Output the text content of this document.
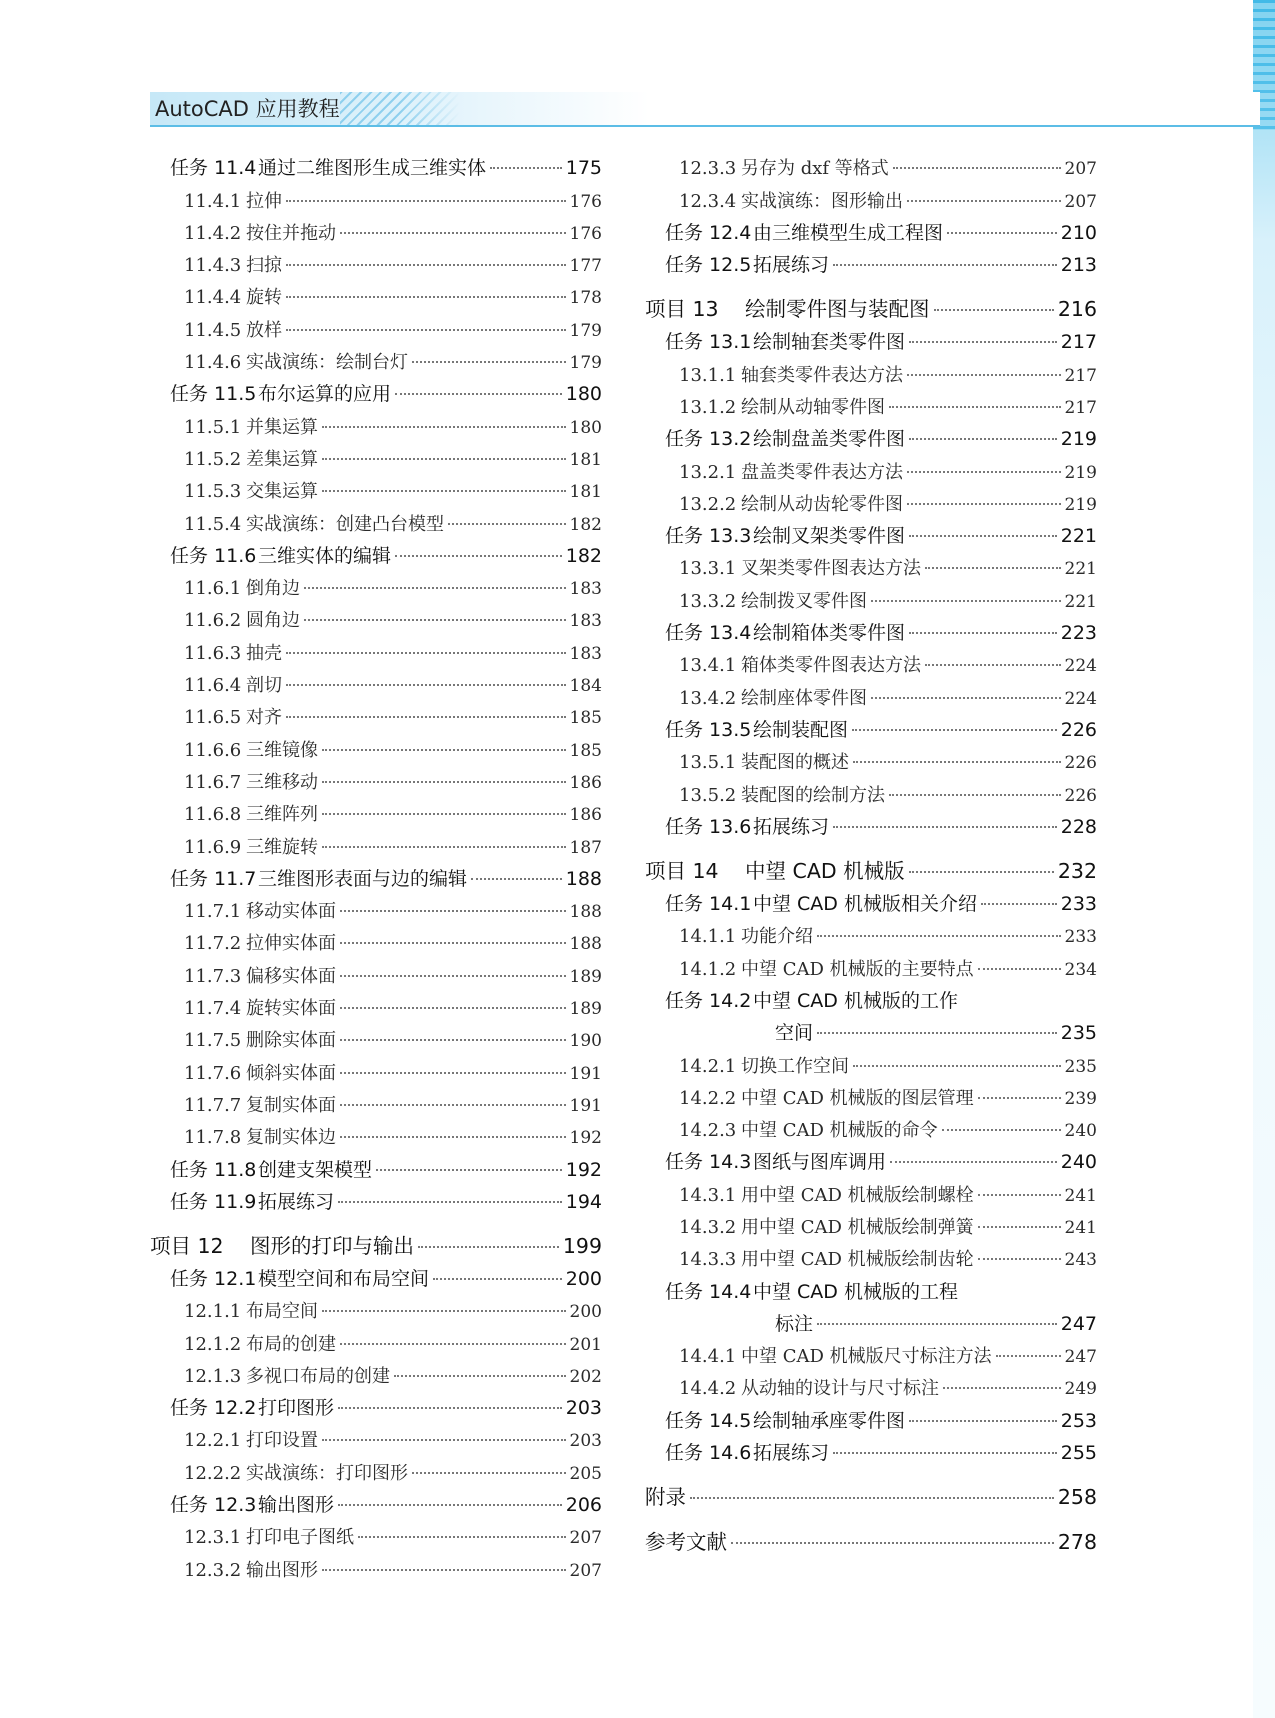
AutoCAD 应用教程
任务 11.4 通过二维图形生成三维实体	175
11.4.1 拉伸	176
11.4.2 按住并拖动	176
11.4.3 扫掠	177
11.4.4 旋转	178
11.4.5 放样	179
11.4.6 实战演练：绘制台灯	179
任务 11.5 布尔运算的应用	180
11.5.1 并集运算	180
11.5.2 差集运算	181
11.5.3 交集运算	181
11.5.4 实战演练：创建凸台模型	182
任务 11.6 三维实体的编辑	182
11.6.1 倒角边	183
11.6.2 圆角边	183
11.6.3 抽壳	183
11.6.4 剖切	184
11.6.5 对齐	185
11.6.6 三维镜像	185
11.6.7 三维移动	186
11.6.8 三维阵列	186
11.6.9 三维旋转	187
任务 11.7 三维图形表面与边的编辑	188
11.7.1 移动实体面	188
11.7.2 拉伸实体面	188
11.7.3 偏移实体面	189
11.7.4 旋转实体面	189
11.7.5 删除实体面	190
11.7.6 倾斜实体面	191
11.7.7 复制实体面	191
11.7.8 复制实体边	192
任务 11.8 创建支架模型	192
任务 11.9 拓展练习	194
项目 12	图形的打印与输出	199
任务 12.1 模型空间和布局空间	200
12.1.1 布局空间	200
12.1.2 布局的创建	201
12.1.3 多视口布局的创建	202
任务 12.2 打印图形	203
12.2.1 打印设置	203
12.2.2 实战演练：打印图形	205
任务 12.3 输出图形	206
12.3.1 打印电子图纸	207
12.3.2 输出图形	207
12.3.3 另存为 dxf 等格式	207
12.3.4 实战演练：图形输出	207
任务 12.4 由三维模型生成工程图	210
任务 12.5 拓展练习	213
项目 13	绘制零件图与装配图	216
任务 13.1 绘制轴套类零件图	217
13.1.1 轴套类零件表达方法	217
13.1.2 绘制从动轴零件图	217
任务 13.2 绘制盘盖类零件图	219
13.2.1 盘盖类零件表达方法	219
13.2.2 绘制从动齿轮零件图	219
任务 13.3 绘制叉架类零件图	221
13.3.1 叉架类零件图表达方法	221
13.3.2 绘制拨叉零件图	221
任务 13.4 绘制箱体类零件图	223
13.4.1 箱体类零件图表达方法	224
13.4.2 绘制座体零件图	224
任务 13.5 绘制装配图	226
13.5.1 装配图的概述	226
13.5.2 装配图的绘制方法	226
任务 13.6 拓展练习	228
项目 14	中望 CAD 机械版	232
任务 14.1 中望 CAD 机械版相关介绍	233
14.1.1 功能介绍	233
14.1.2 中望 CAD 机械版的主要特点	234
任务 14.2 中望 CAD 机械版的工作
空间	235
14.2.1 切换工作空间	235
14.2.2 中望 CAD 机械版的图层管理	239
14.2.3 中望 CAD 机械版的命令	240
任务 14.3 图纸与图库调用	240
14.3.1 用中望 CAD 机械版绘制螺栓	241
14.3.2 用中望 CAD 机械版绘制弹簧	241
14.3.3 用中望 CAD 机械版绘制齿轮	243
任务 14.4 中望 CAD 机械版的工程
标注	247
14.4.1 中望 CAD 机械版尺寸标注方法	247
14.4.2 从动轴的设计与尺寸标注	249
任务 14.5 绘制轴承座零件图	253
任务 14.6 拓展练习	255
附录	258
参考文献	278
